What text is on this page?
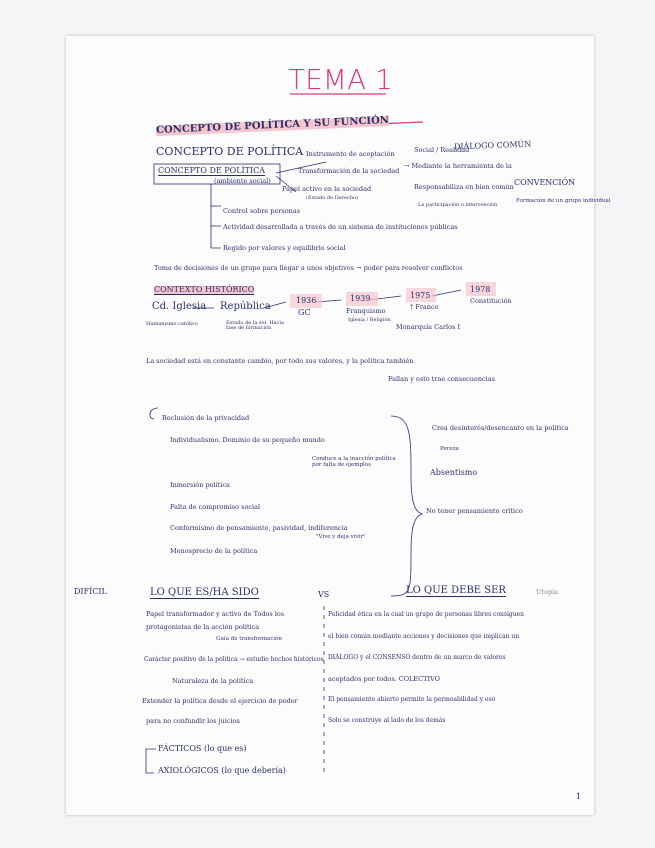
TEMA 1
CONCEPTO DE POLÍTICA Y SU FUNCIÓN
CONCEPTO DE POLÍTICA	DIÁLOGO COMÚN
CONCEPTO DE POLÍTICA
(ambiente social)
Instrumento de aceptación	Social / Realidad
Transformación de la sociedad
→ Mediante la herramienta de la
CONVENCIÓN
Papel activo en la sociedad
(Estado de Derecho)
Responsabiliza en bien común
Formación de un grupo individual
La participación o intervención
Control sobre personas
Actividad desarrollada a través de un sistema de instituciones públicas
Regido por valores y equilibrio social
Toma de decisiones de un grupo para llegar a unos objetivos → poder para resolver conflictos
CONTEXTO HISTÓRICO
Cd. Iglesia
Humanismo católico
República
Estado de la sol. Hacia fase de formación
1936
GC
1939
Franquismo
Iglesia / Religión
1975
† Franco
Monarquía Carlos I
1978
Constitución
La sociedad está en constante cambio, por todo sus valores, y la política también
Fallan y esto trae consecuencias
Reclusión de la privacidad
Individualismo. Dominio de su pequeño mundo
Conduce a la inacción política por falta de ejemplos
Inmersión política
Falta de compromiso social
Conformismo de pensamiento, pasividad, indiferencia
"Vive y deja vivir"
Menosprecio de la política
Crea desinterés/desencanto en la política
Pereza
Absentismo
No tener pensamiento crítico
DIFÍCIL	LO QUE ES/HA SIDO	VS	LO QUE DEBE SER	Utopía
Papel transformador y activo de Todos los
protagonistas de la acción política
Guía de transformación
Carácter positivo de la política → estudio hechos históricos
Naturaleza de la política
Extender la política desde el ejercicio de poder
para no confundir los juicios
Felicidad ética en la cual un grupo de personas libres consiguen
el bien común mediante acciones y decisiones que implican un
DIÁLOGO y el CONSENSO dentro de un marco de valores
aceptados por todos. COLECTIVO
El pensamiento abierto permite la permeabilidad y eso
Solo se construye al lado de los demás
FÁCTICOS (lo que es)
AXIOLÓGICOS (lo que debería)
1
